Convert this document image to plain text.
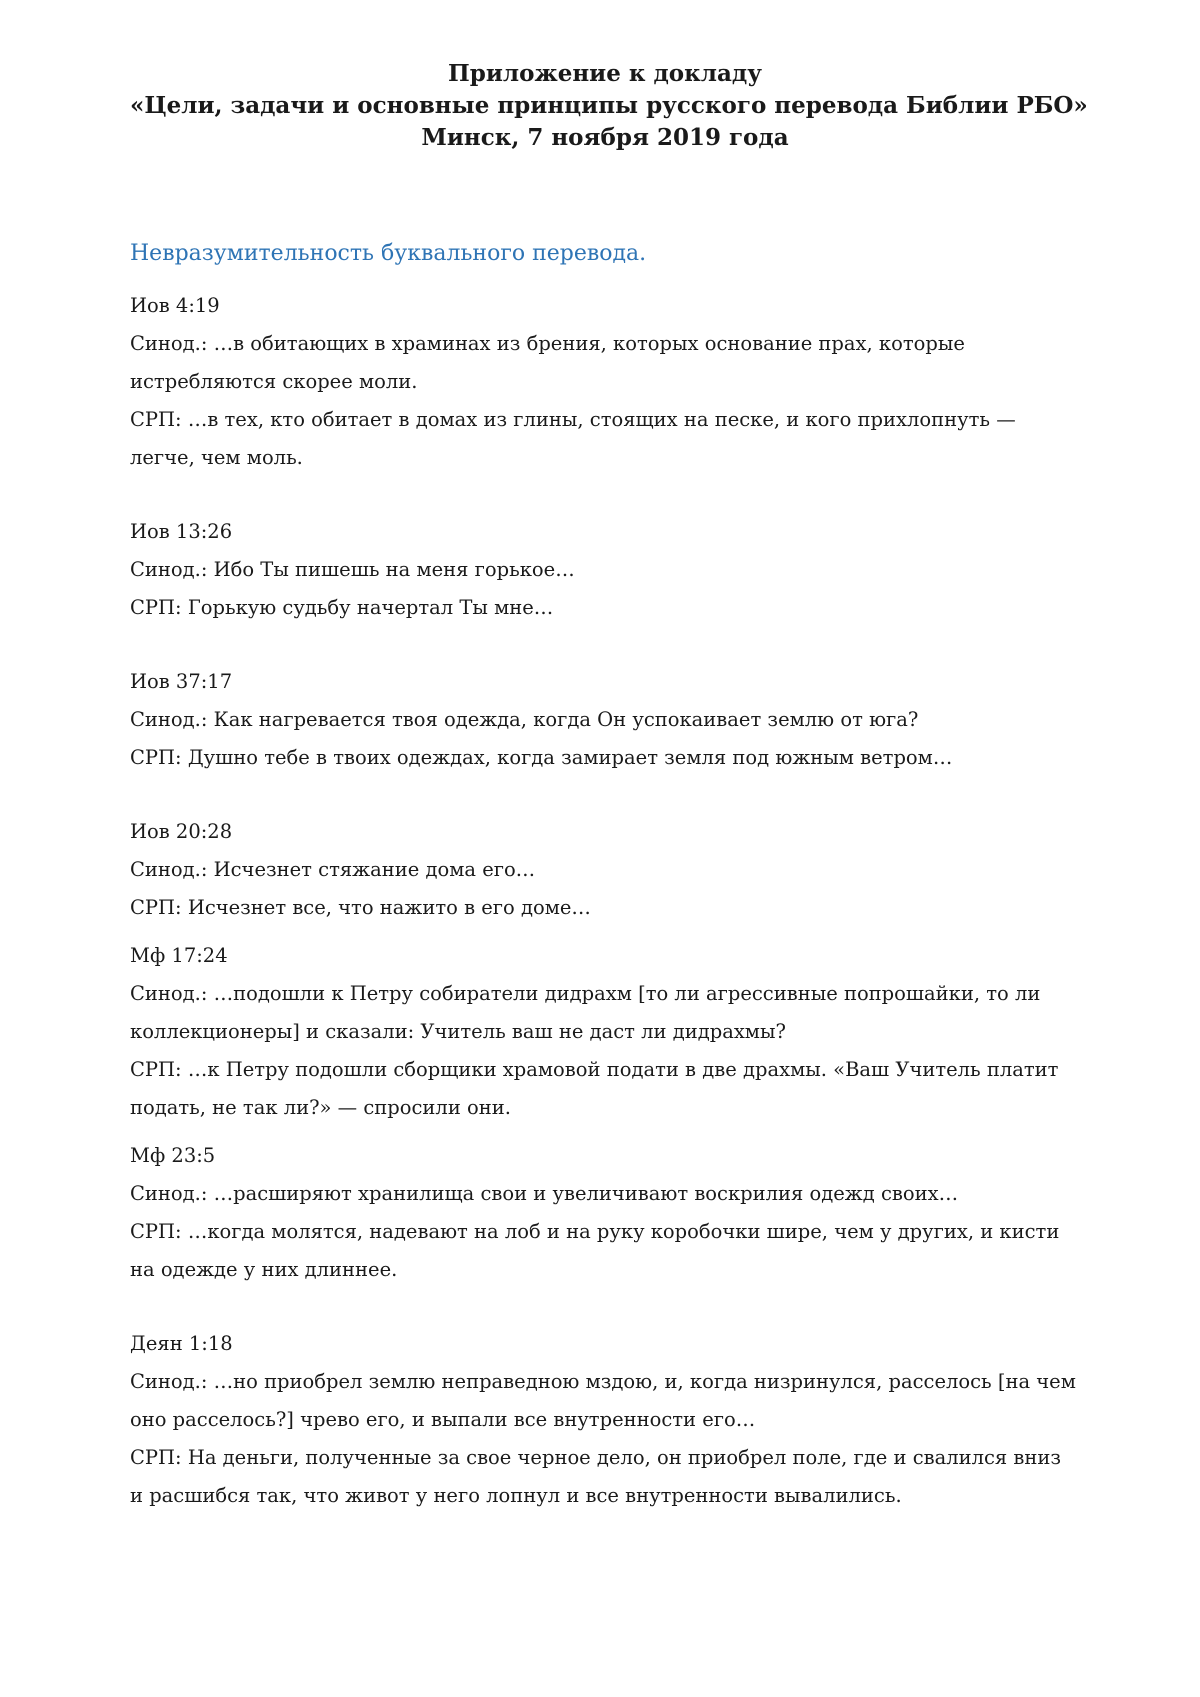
Приложение к докладу
«Цели, задачи и основные принципы русского перевода Библии РБО»
Минск, 7 ноября 2019 года
Невразумительность буквального перевода.

Иов 4:19

Синод.: …в обитающих в храминах из брения, которых основание прах, которые истребляются скорее моли.

СРП: …в тех, кто обитает в домах из глины, стоящих на песке, и кого прихлопнуть — легче, чем моль.

Иов 13:26

Синод.: Ибо Ты пишешь на меня горькое…

СРП: Горькую судьбу начертал Ты мне…

Иов 37:17

Синод.: Как нагревается твоя одежда, когда Он успокаивает землю от юга?

СРП: Душно тебе в твоих одеждах, когда замирает земля под южным ветром…

Иов 20:28

Синод.: Исчезнет стяжание дома его…

СРП: Исчезнет все, что нажито в его доме…

Мф 17:24

Синод.: …подошли к Петру собиратели дидрахм [то ли агрессивные попрошайки, то ли коллекционеры] и сказали: Учитель ваш не даст ли дидрахмы?

СРП: …к Петру подошли сборщики храмовой подати в две драхмы. «Ваш Учитель платит подать, не так ли?» — спросили они.

Мф 23:5

Синод.: …расширяют хранилища свои и увеличивают воскрилия одежд своих…

СРП: …когда молятся, надевают на лоб и на руку коробочки шире, чем у других, и кисти на одежде у них длиннее.

Деян 1:18

Синод.: …но приобрел землю неправедною мздою, и, когда низринулся, расселось [на чем оно расселось?] чрево его, и выпали все внутренности его…

СРП: На деньги, полученные за свое черное дело, он приобрел поле, где и свалился вниз и расшибся так, что живот у него лопнул и все внутренности вывалились.
